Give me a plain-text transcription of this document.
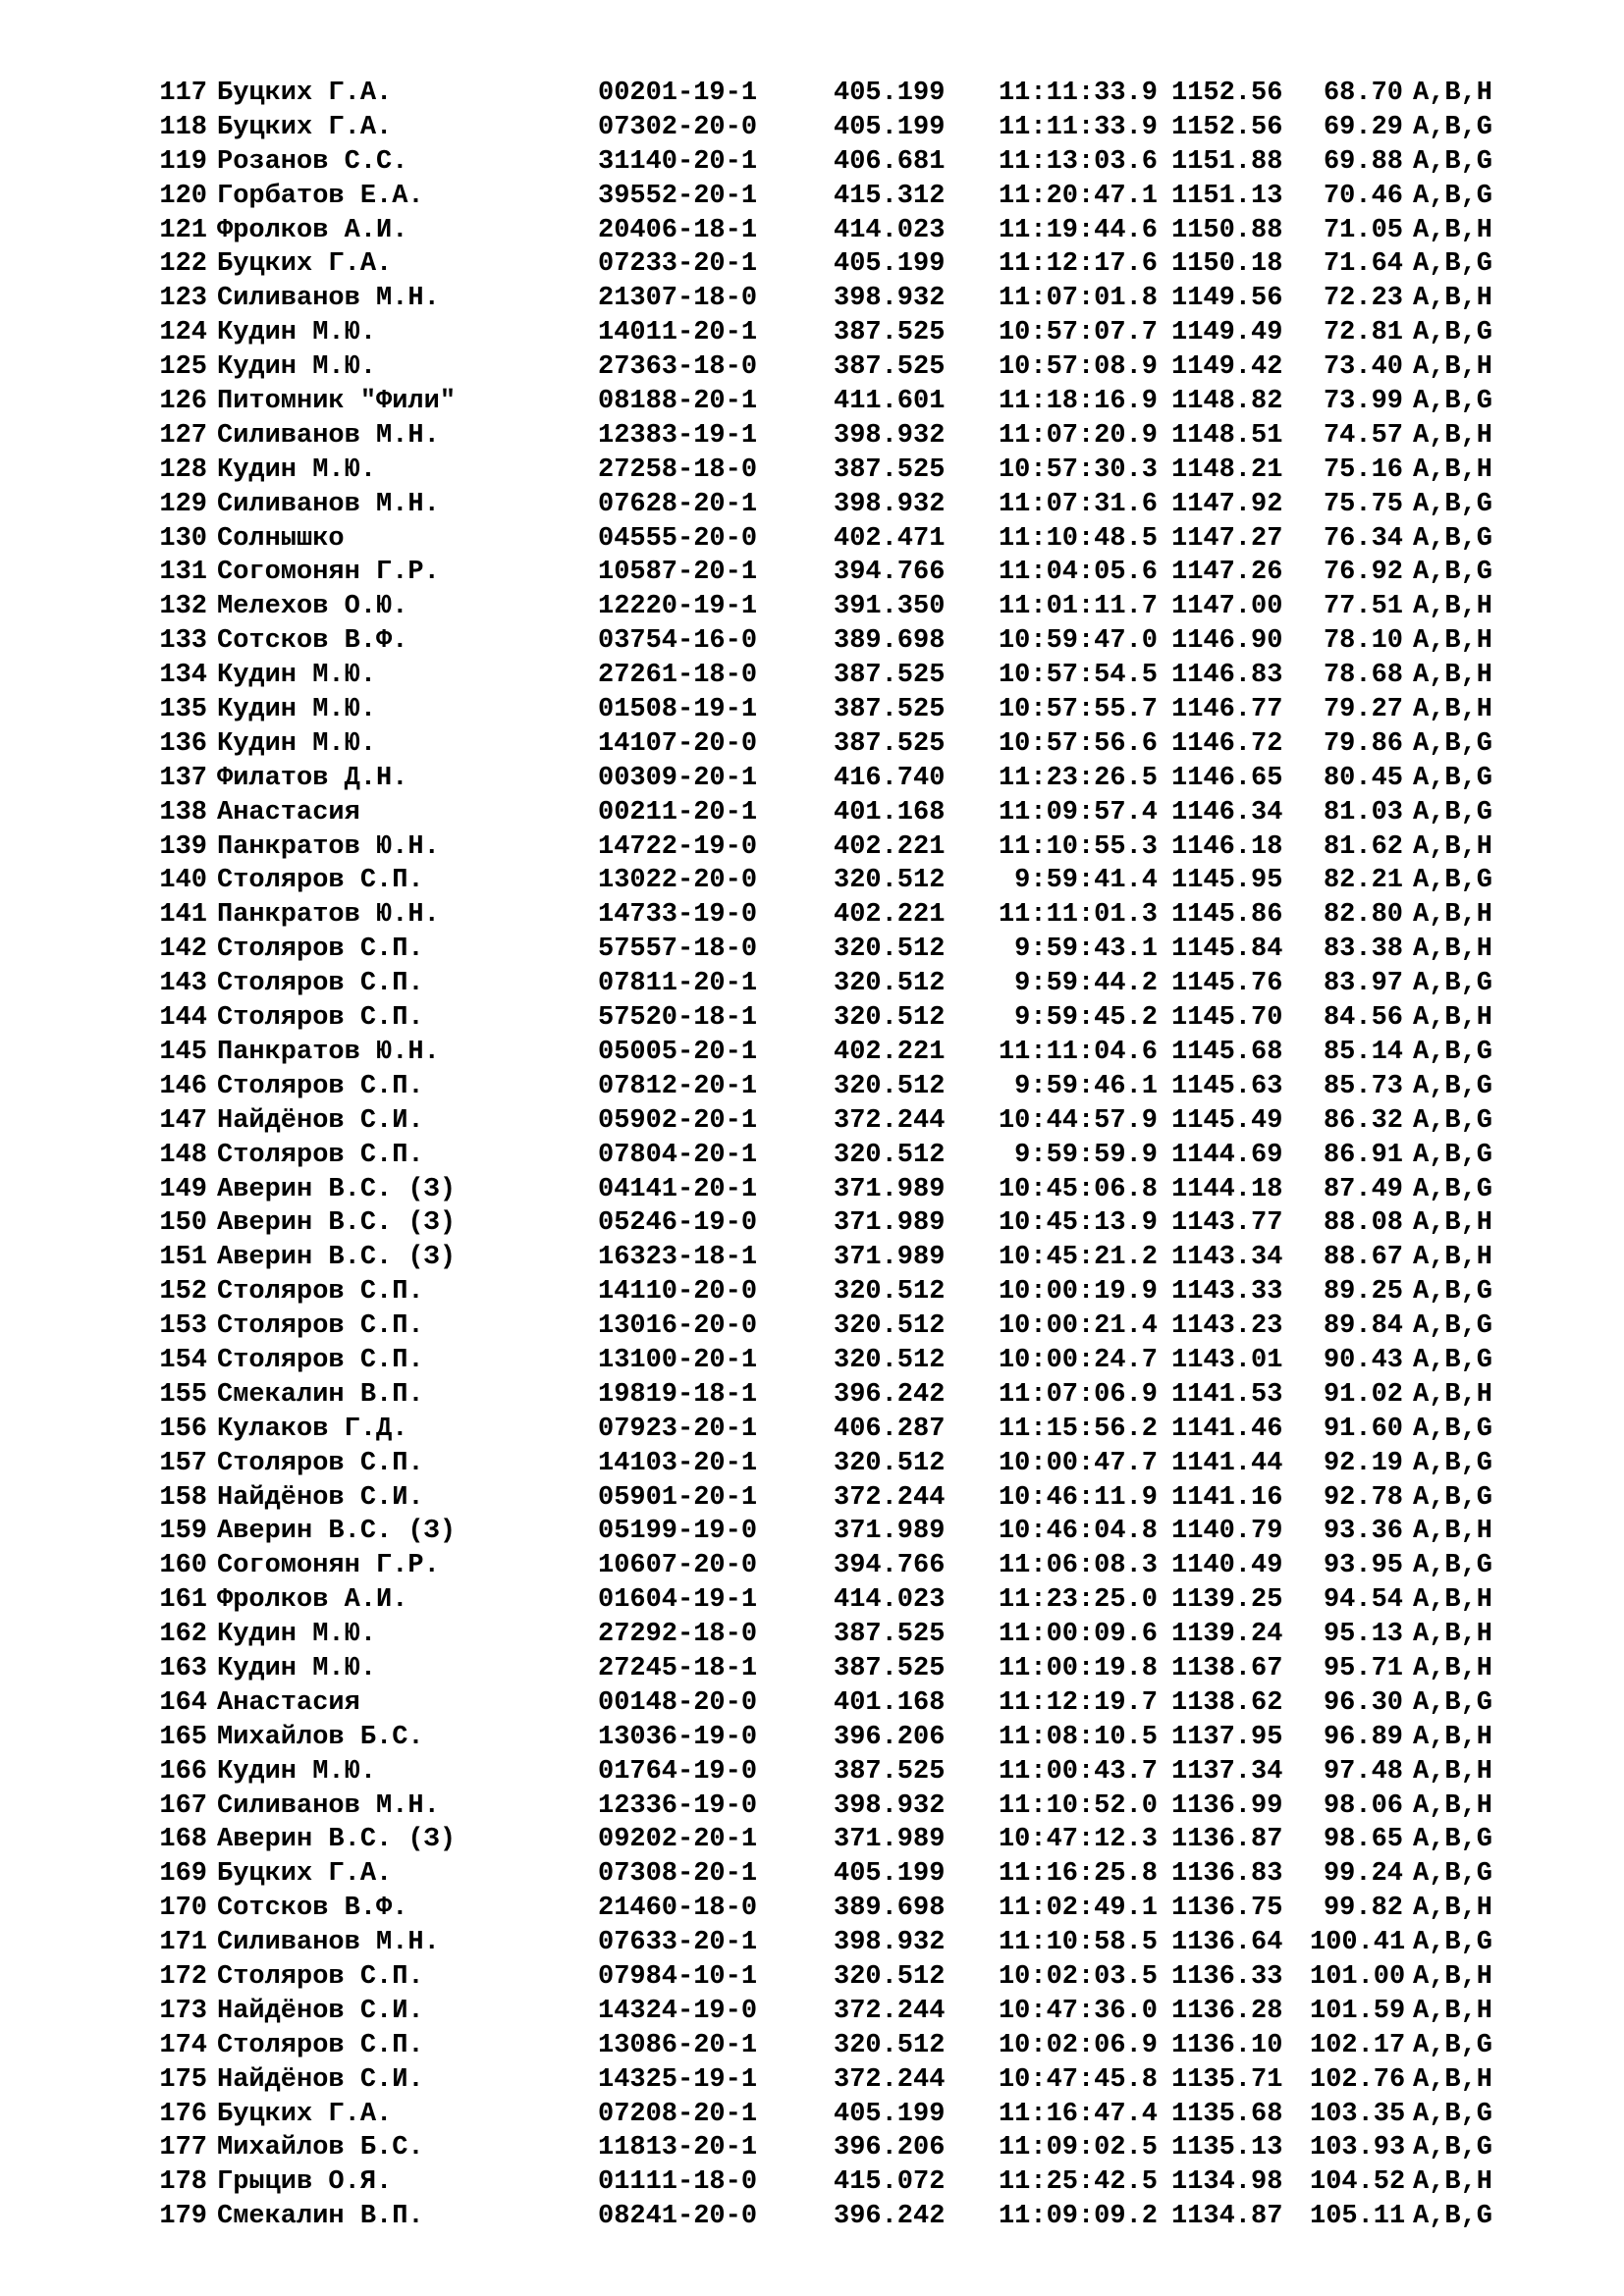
117 Буцких Г.А.	00201-19-1	405.199	11:11:33.9 1152.56	68.70 A,B,H
118 Буцких Г.А.	07302-20-0	405.199	11:11:33.9 1152.56	69.29 A,B,G
119 Розанов С.С.	31140-20-1	406.681	11:13:03.6 1151.88	69.88 A,B,G
120 Горбатов Е.А.	39552-20-1	415.312	11:20:47.1 1151.13	70.46 A,B,G
121 Фролков А.И.	20406-18-1	414.023	11:19:44.6 1150.88	71.05 A,B,H
122 Буцких Г.А.	07233-20-1	405.199	11:12:17.6 1150.18	71.64 A,B,G
123 Силиванов М.Н.	21307-18-0	398.932	11:07:01.8 1149.56	72.23 A,B,H
124 Кудин М.Ю.	14011-20-1	387.525	10:57:07.7 1149.49	72.81 A,B,G
125 Кудин М.Ю.	27363-18-0	387.525	10:57:08.9 1149.42	73.40 A,B,H
126 Питомник "Фили"	08188-20-1	411.601	11:18:16.9 1148.82	73.99 A,B,G
127 Силиванов М.Н.	12383-19-1	398.932	11:07:20.9 1148.51	74.57 A,B,H
128 Кудин М.Ю.	27258-18-0	387.525	10:57:30.3 1148.21	75.16 A,B,H
129 Силиванов М.Н.	07628-20-1	398.932	11:07:31.6 1147.92	75.75 A,B,G
130 Солнышко	04555-20-0	402.471	11:10:48.5 1147.27	76.34 A,B,G
131 Согомонян Г.Р.	10587-20-1	394.766	11:04:05.6 1147.26	76.92 A,B,G
132 Мелехов О.Ю.	12220-19-1	391.350	11:01:11.7 1147.00	77.51 A,B,H
133 Сотсков В.Ф.	03754-16-0	389.698	10:59:47.0 1146.90	78.10 A,B,H
134 Кудин М.Ю.	27261-18-0	387.525	10:57:54.5 1146.83	78.68 A,B,H
135 Кудин М.Ю.	01508-19-1	387.525	10:57:55.7 1146.77	79.27 A,B,H
136 Кудин М.Ю.	14107-20-0	387.525	10:57:56.6 1146.72	79.86 A,B,G
137 Филатов Д.Н.	00309-20-1	416.740	11:23:26.5 1146.65	80.45 A,B,G
138 Анастасия	00211-20-1	401.168	11:09:57.4 1146.34	81.03 A,B,G
139 Панкратов Ю.Н.	14722-19-0	402.221	11:10:55.3 1146.18	81.62 A,B,H
140 Столяров С.П.	13022-20-0	320.512	9:59:41.4 1145.95	82.21 A,B,G
141 Панкратов Ю.Н.	14733-19-0	402.221	11:11:01.3 1145.86	82.80 A,B,H
142 Столяров С.П.	57557-18-0	320.512	9:59:43.1 1145.84	83.38 A,B,H
143 Столяров С.П.	07811-20-1	320.512	9:59:44.2 1145.76	83.97 A,B,G
144 Столяров С.П.	57520-18-1	320.512	9:59:45.2 1145.70	84.56 A,B,H
145 Панкратов Ю.Н.	05005-20-1	402.221	11:11:04.6 1145.68	85.14 A,B,G
146 Столяров С.П.	07812-20-1	320.512	9:59:46.1 1145.63	85.73 A,B,G
147 Найдёнов С.И.	05902-20-1	372.244	10:44:57.9 1145.49	86.32 A,B,G
148 Столяров С.П.	07804-20-1	320.512	9:59:59.9 1144.69	86.91 A,B,G
149 Аверин В.С. (З)	04141-20-1	371.989	10:45:06.8 1144.18	87.49 A,B,G
150 Аверин В.С. (З)	05246-19-0	371.989	10:45:13.9 1143.77	88.08 A,B,H
151 Аверин В.С. (З)	16323-18-1	371.989	10:45:21.2 1143.34	88.67 A,B,H
152 Столяров С.П.	14110-20-0	320.512	10:00:19.9 1143.33	89.25 A,B,G
153 Столяров С.П.	13016-20-0	320.512	10:00:21.4 1143.23	89.84 A,B,G
154 Столяров С.П.	13100-20-1	320.512	10:00:24.7 1143.01	90.43 A,B,G
155 Смекалин В.П.	19819-18-1	396.242	11:07:06.9 1141.53	91.02 A,B,H
156 Кулаков Г.Д.	07923-20-1	406.287	11:15:56.2 1141.46	91.60 A,B,G
157 Столяров С.П.	14103-20-1	320.512	10:00:47.7 1141.44	92.19 A,B,G
158 Найдёнов С.И.	05901-20-1	372.244	10:46:11.9 1141.16	92.78 A,B,G
159 Аверин В.С. (З)	05199-19-0	371.989	10:46:04.8 1140.79	93.36 A,B,H
160 Согомонян Г.Р.	10607-20-0	394.766	11:06:08.3 1140.49	93.95 A,B,G
161 Фролков А.И.	01604-19-1	414.023	11:23:25.0 1139.25	94.54 A,B,H
162 Кудин М.Ю.	27292-18-0	387.525	11:00:09.6 1139.24	95.13 A,B,H
163 Кудин М.Ю.	27245-18-1	387.525	11:00:19.8 1138.67	95.71 A,B,H
164 Анастасия	00148-20-0	401.168	11:12:19.7 1138.62	96.30 A,B,G
165 Михайлов Б.С.	13036-19-0	396.206	11:08:10.5 1137.95	96.89 A,B,H
166 Кудин М.Ю.	01764-19-0	387.525	11:00:43.7 1137.34	97.48 A,B,H
167 Силиванов М.Н.	12336-19-0	398.932	11:10:52.0 1136.99	98.06 A,B,H
168 Аверин В.С. (З)	09202-20-1	371.989	10:47:12.3 1136.87	98.65 A,B,G
169 Буцких Г.А.	07308-20-1	405.199	11:16:25.8 1136.83	99.24 A,B,G
170 Сотсков В.Ф.	21460-18-0	389.698	11:02:49.1 1136.75	99.82 A,B,H
171 Силиванов М.Н.	07633-20-1	398.932	11:10:58.5 1136.64 100.41 A,B,G
172 Столяров С.П.	07984-10-1	320.512	10:02:03.5 1136.33 101.00 A,B,H
173 Найдёнов С.И.	14324-19-0	372.244	10:47:36.0 1136.28 101.59 A,B,H
174 Столяров С.П.	13086-20-1	320.512	10:02:06.9 1136.10 102.17 A,B,G
175 Найдёнов С.И.	14325-19-1	372.244	10:47:45.8 1135.71 102.76 A,B,H
176 Буцких Г.А.	07208-20-1	405.199	11:16:47.4 1135.68 103.35 A,B,G
177 Михайлов Б.С.	11813-20-1	396.206	11:09:02.5 1135.13 103.93 A,B,G
178 Грыцив О.Я.	01111-18-0	415.072	11:25:42.5 1134.98 104.52 A,B,H
179 Смекалин В.П.	08241-20-0	396.242	11:09:09.2 1134.87 105.11 A,B,G
